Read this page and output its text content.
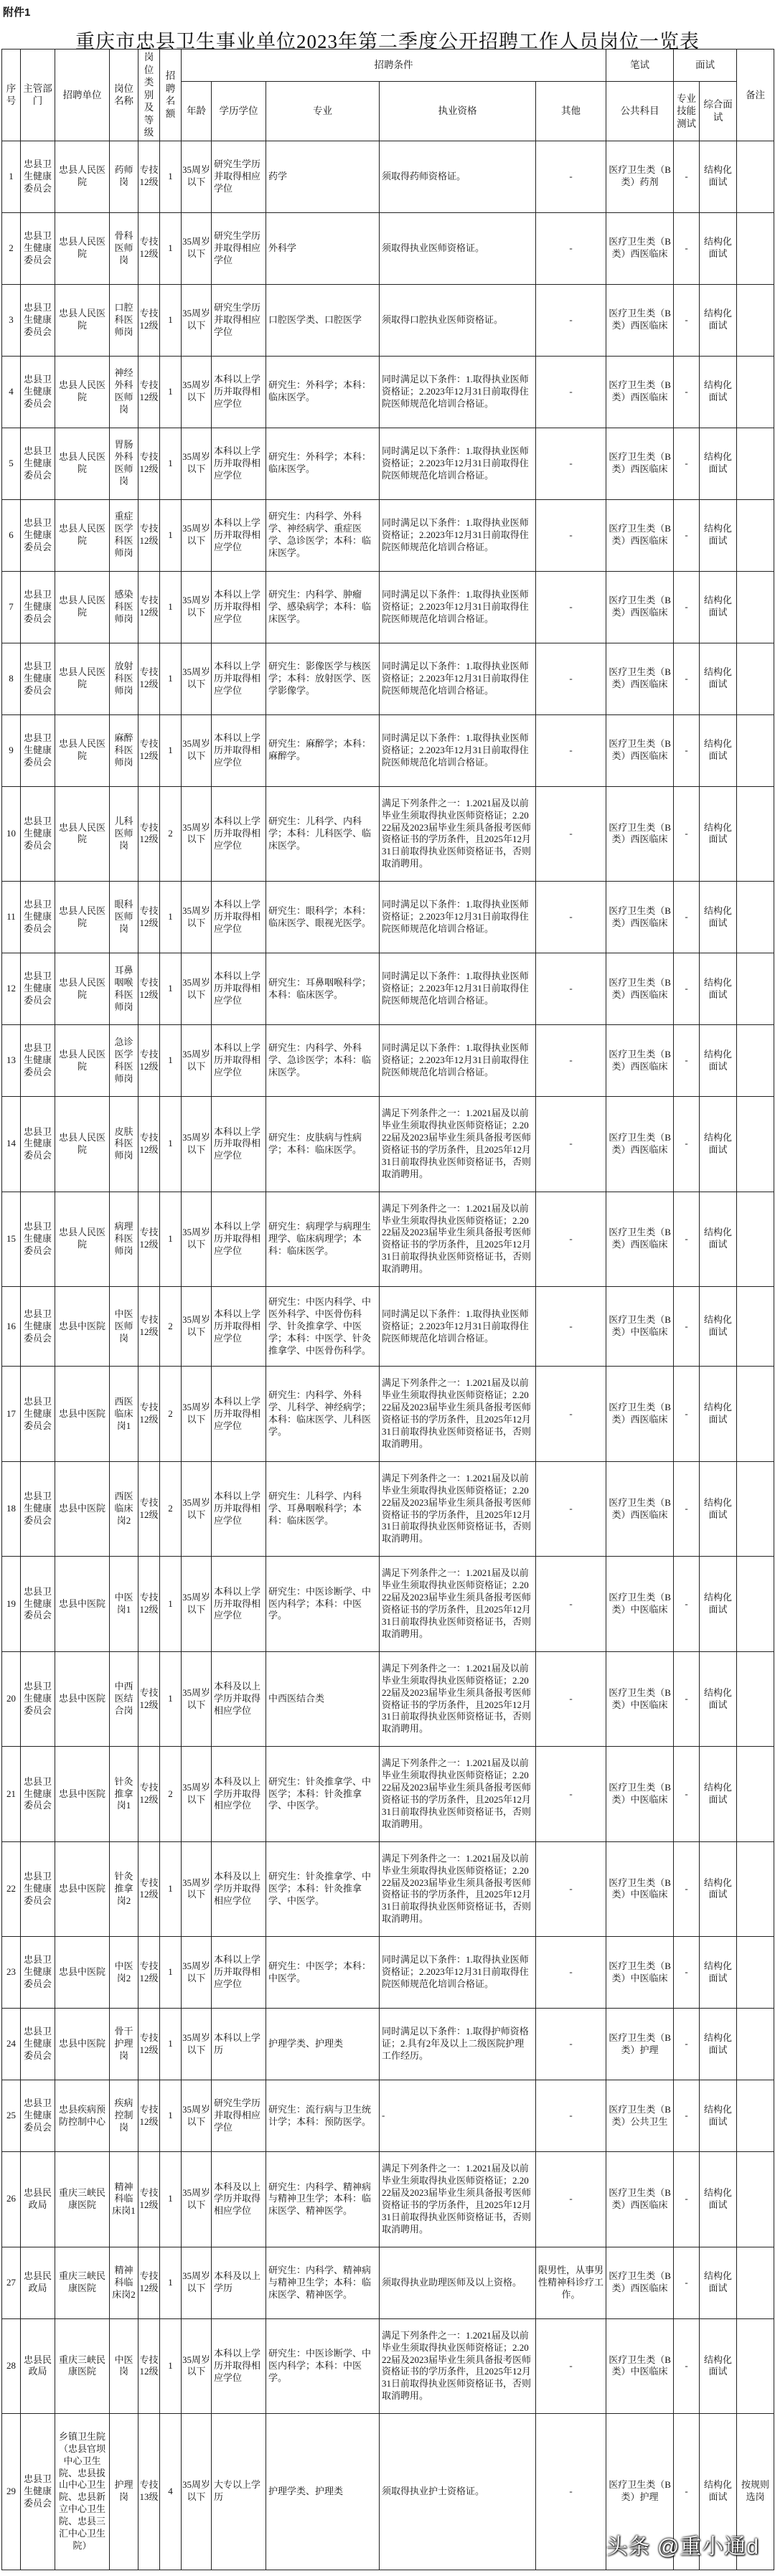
附件1
重庆市忠县卫生事业单位2023年第二季度公开招聘工作人员岗位一览表
序号	主管部门	招聘单位	岗位名称	岗位类别及等级	招聘名额	招聘条件					笔试	面试		备注
						年龄	学历学位	专业	执业资格	其他	公共科目	专业技能测试	综合面试	
1	忠县卫生健康委员会	忠县人民医院	药师岗	专技12级	1	35周岁以下	研究生学历并取得相应学位	药学	须取得药师资格证。	-	医疗卫生类（B类）药剂	-	结构化面试	
2	忠县卫生健康委员会	忠县人民医院	骨科医师岗	专技12级	1	35周岁以下	研究生学历并取得相应学位	外科学	须取得执业医师资格证。	-	医疗卫生类（B类）西医临床	-	结构化面试	
3	忠县卫生健康委员会	忠县人民医院	口腔科医师岗	专技12级	1	35周岁以下	研究生学历并取得相应学位	口腔医学类、口腔医学	须取得口腔执业医师资格证。	-	医疗卫生类（B类）西医临床	-	结构化面试	
4	忠县卫生健康委员会	忠县人民医院	神经外科医师岗	专技12级	1	35周岁以下	本科以上学历并取得相应学位	研究生：外科学；本科：临床医学。	同时满足以下条件：1.取得执业医师资格证；2.2023年12月31日前取得住院医师规范化培训合格证。	-	医疗卫生类（B类）西医临床	-	结构化面试	
5	忠县卫生健康委员会	忠县人民医院	胃肠外科医师岗	专技12级	1	35周岁以下	本科以上学历并取得相应学位	研究生：外科学；本科：临床医学。	同时满足以下条件：1.取得执业医师资格证；2.2023年12月31日前取得住院医师规范化培训合格证。	-	医疗卫生类（B类）西医临床	-	结构化面试	
6	忠县卫生健康委员会	忠县人民医院	重症医学科医师岗	专技12级	1	35周岁以下	本科以上学历并取得相应学位	研究生：内科学、外科学、神经病学、重症医学、急诊医学；本科：临床医学。	同时满足以下条件：1.取得执业医师资格证；2.2023年12月31日前取得住院医师规范化培训合格证。	-	医疗卫生类（B类）西医临床	-	结构化面试	
7	忠县卫生健康委员会	忠县人民医院	感染科医师岗	专技12级	1	35周岁以下	本科以上学历并取得相应学位	研究生：内科学、肿瘤学、感染病学；本科：临床医学。	同时满足以下条件：1.取得执业医师资格证；2.2023年12月31日前取得住院医师规范化培训合格证。	-	医疗卫生类（B类）西医临床	-	结构化面试	
8	忠县卫生健康委员会	忠县人民医院	放射科医师岗	专技12级	1	35周岁以下	本科以上学历并取得相应学位	研究生：影像医学与核医学；本科：放射医学、医学影像学。	同时满足以下条件：1.取得执业医师资格证；2.2023年12月31日前取得住院医师规范化培训合格证。	-	医疗卫生类（B类）西医临床	-	结构化面试	
9	忠县卫生健康委员会	忠县人民医院	麻醉科医师岗	专技12级	1	35周岁以下	本科以上学历并取得相应学位	研究生：麻醉学；本科：麻醉学。	同时满足以下条件：1.取得执业医师资格证；2.2023年12月31日前取得住院医师规范化培训合格证。	-	医疗卫生类（B类）西医临床	-	结构化面试	
10	忠县卫生健康委员会	忠县人民医院	儿科医师岗	专技12级	2	35周岁以下	本科以上学历并取得相应学位	研究生：儿科学、内科学；本科：儿科医学、临床医学。	满足下列条件之一：1.2021届及以前毕业生须取得执业医师资格证；2.2022届及2023届毕业生须具备报考医师资格证书的学历条件，且2025年12月31日前取得执业医师资格证书，否则取消聘用。	-	医疗卫生类（B类）西医临床	-	结构化面试	
11	忠县卫生健康委员会	忠县人民医院	眼科医师岗	专技12级	1	35周岁以下	本科以上学历并取得相应学位	研究生：眼科学；本科：临床医学、眼视光医学。	同时满足以下条件：1.取得执业医师资格证；2.2023年12月31日前取得住院医师规范化培训合格证。	-	医疗卫生类（B类）西医临床	-	结构化面试	
12	忠县卫生健康委员会	忠县人民医院	耳鼻咽喉科医师岗	专技12级	1	35周岁以下	本科以上学历并取得相应学位	研究生：耳鼻咽喉科学；本科：临床医学。	同时满足以下条件：1.取得执业医师资格证；2.2023年12月31日前取得住院医师规范化培训合格证。	-	医疗卫生类（B类）西医临床	-	结构化面试	
13	忠县卫生健康委员会	忠县人民医院	急诊医学科医师岗	专技12级	1	35周岁以下	本科以上学历并取得相应学位	研究生：内科学、外科学、急诊医学；本科：临床医学。	同时满足以下条件：1.取得执业医师资格证；2.2023年12月31日前取得住院医师规范化培训合格证。	-	医疗卫生类（B类）西医临床	-	结构化面试	
14	忠县卫生健康委员会	忠县人民医院	皮肤科医师岗	专技12级	1	35周岁以下	本科以上学历并取得相应学位	研究生：皮肤病与性病学；本科：临床医学。	满足下列条件之一：1.2021届及以前毕业生须取得执业医师资格证；2.2022届及2023届毕业生须具备报考医师资格证书的学历条件，且2025年12月31日前取得执业医师资格证书，否则取消聘用。	-	医疗卫生类（B类）西医临床	-	结构化面试	
15	忠县卫生健康委员会	忠县人民医院	病理科医师岗	专技12级	1	35周岁以下	本科以上学历并取得相应学位	研究生：病理学与病理生理学、临床病理学；本科：临床医学。	满足下列条件之一：1.2021届及以前毕业生须取得执业医师资格证；2.2022届及2023届毕业生须具备报考医师资格证书的学历条件，且2025年12月31日前取得执业医师资格证书，否则取消聘用。	-	医疗卫生类（B类）西医临床	-	结构化面试	
16	忠县卫生健康委员会	忠县中医院	中医医师岗	专技12级	2	35周岁以下	本科以上学历并取得相应学位	研究生：中医内科学、中医外科学、中医骨伤科学、针灸推拿学、中医学；本科：中医学、针灸推拿学、中医骨伤科学。	同时满足以下条件：1.取得执业医师资格证；2.2023年12月31日前取得住院医师规范化培训合格证。	-	医疗卫生类（B类）中医临床	-	结构化面试	
17	忠县卫生健康委员会	忠县中医院	西医临床岗1	专技12级	2	35周岁以下	本科以上学历并取得相应学位	研究生：内科学、外科学、儿科学、神经病学；本科：临床医学、儿科医学。	满足下列条件之一：1.2021届及以前毕业生须取得执业医师资格证；2.2022届及2023届毕业生须具备报考医师资格证书的学历条件，且2025年12月31日前取得执业医师资格证书，否则取消聘用。	-	医疗卫生类（B类）西医临床	-	结构化面试	
18	忠县卫生健康委员会	忠县中医院	西医临床岗2	专技12级	2	35周岁以下	本科以上学历并取得相应学位	研究生：儿科学、内科学、耳鼻咽喉科学；本科：临床医学。	满足下列条件之一：1.2021届及以前毕业生须取得执业医师资格证；2.2022届及2023届毕业生须具备报考医师资格证书的学历条件，且2025年12月31日前取得执业医师资格证书，否则取消聘用。	-	医疗卫生类（B类）西医临床	-	结构化面试	
19	忠县卫生健康委员会	忠县中医院	中医岗1	专技12级	1	35周岁以下	本科以上学历并取得相应学位	研究生：中医诊断学、中医内科学；本科：中医学。	满足下列条件之一：1.2021届及以前毕业生须取得执业医师资格证；2.2022届及2023届毕业生须具备报考医师资格证书的学历条件，且2025年12月31日前取得执业医师资格证书，否则取消聘用。	-	医疗卫生类（B类）中医临床	-	结构化面试	
20	忠县卫生健康委员会	忠县中医院	中西医结合岗	专技12级	1	35周岁以下	本科及以上学历并取得相应学位	中西医结合类	满足下列条件之一：1.2021届及以前毕业生须取得执业医师资格证；2.2022届及2023届毕业生须具备报考医师资格证书的学历条件，且2025年12月31日前取得执业医师资格证书，否则取消聘用。	-	医疗卫生类（B类）中医临床	-	结构化面试	
21	忠县卫生健康委员会	忠县中医院	针灸推拿岗1	专技12级	2	35周岁以下	本科及以上学历并取得相应学位	研究生：针灸推拿学、中医学；本科：针灸推拿学、中医学。	满足下列条件之一：1.2021届及以前毕业生须取得执业医师资格证；2.2022届及2023届毕业生须具备报考医师资格证书的学历条件，且2025年12月31日前取得执业医师资格证书，否则取消聘用。	-	医疗卫生类（B类）中医临床	-	结构化面试	
22	忠县卫生健康委员会	忠县中医院	针灸推拿岗2	专技12级	1	35周岁以下	本科及以上学历并取得相应学位	研究生：针灸推拿学、中医学；本科：针灸推拿学、中医学。	满足下列条件之一：1.2021届及以前毕业生须取得执业医师资格证；2.2022届及2023届毕业生须具备报考医师资格证书的学历条件，且2025年12月31日前取得执业医师资格证书，否则取消聘用。	-	医疗卫生类（B类）中医临床	-	结构化面试	
23	忠县卫生健康委员会	忠县中医院	中医岗2	专技12级	1	35周岁以下	本科以上学历并取得相应学位	研究生：中医学；本科：中医学。	同时满足以下条件：1.取得执业医师资格证；2.2023年12月31日前取得住院医师规范化培训合格证。	-	医疗卫生类（B类）中医临床	-	结构化面试	
24	忠县卫生健康委员会	忠县中医院	骨干护理岗	专技12级	1	35周岁以下	本科以上学历	护理学类、护理类	同时满足以下条件：1.取得护师资格证；2.具有2年及以上二级医院护理工作经历。	-	医疗卫生类（B类）护理	-	结构化面试	
25	忠县卫生健康委员会	忠县疾病预防控制中心	疾病控制岗	专技12级	1	35周岁以下	研究生学历并取得相应学位	研究生：流行病与卫生统计学；本科：预防医学。	-	-	医疗卫生类（B类）公共卫生	-	结构化面试	
26	忠县民政局	重庆三峡民康医院	精神科临床岗1	专技12级	1	35周岁以下	本科及以上学历并取得相应学位	研究生：内科学、精神病与精神卫生学；本科：临床医学、精神医学。	满足下列条件之一：1.2021届及以前毕业生须取得执业医师资格证；2.2022届及2023届毕业生须具备报考医师资格证书的学历条件，且2025年12月31日前取得执业医师资格证书，否则取消聘用。	-	医疗卫生类（B类）西医临床	-	结构化面试	
27	忠县民政局	重庆三峡民康医院	精神科临床岗2	专技12级	1	35周岁以下	本科及以上学历	研究生：内科学、精神病与精神卫生学；本科：临床医学、精神医学。	须取得执业助理医师及以上资格。	限男性，从事男性精神科诊疗工作。	医疗卫生类（B类）西医临床	-	结构化面试	
28	忠县民政局	重庆三峡民康医院	中医岗	专技12级	1	35周岁以下	本科以上学历并取得相应学位	研究生：中医诊断学、中医内科学；本科：中医学。	满足下列条件之一：1.2021届及以前毕业生须取得执业医师资格证；2.2022届及2023届毕业生须具备报考医师资格证书的学历条件，且2025年12月31日前取得执业医师资格证书，否则取消聘用。	-	医疗卫生类（B类）中医临床	-	结构化面试	
29	忠县卫生健康委员会	乡镇卫生院（忠县官坝中心卫生院、忠县拔山中心卫生院、忠县新立中心卫生院、忠县三汇中心卫生院）	护理岗	专技13级	4	35周岁以下	大专以上学历	护理学类、护理类	须取得执业护士资格证。	-	医疗卫生类（B类）护理	-	结构化面试	按规则选岗
头条 @重小通d
